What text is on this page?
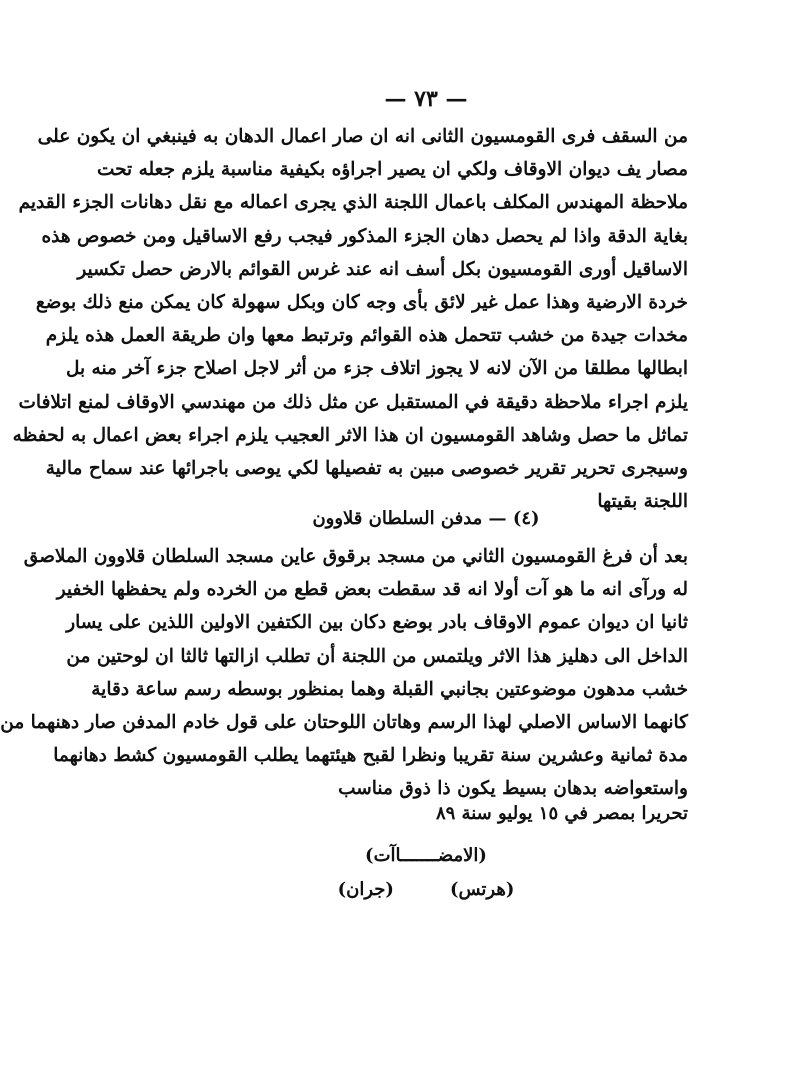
— ٧٣ —
من السقف فرى القومسيون الثانى انه ان صار اعمال الدهان به فينبغي ان يكون على
مصار يف ديوان الاوقاف ولكي ان يصير اجراؤه بكيفية مناسبة يلزم جعله تحت
ملاحظة المهندس المكلف باعمال اللجنة الذي يجرى اعماله مع نقل دهانات الجزء القديم
بغاية الدقة واذا لم يحصل دهان الجزء المذكور فيجب رفع الاساقيل ومن خصوص هذه
الاساقيل أورى القومسيون بكل أسف انه عند غرس القوائم بالارض حصل تكسير
خردة الارضية وهذا عمل غير لائق بأى وجه كان وبكل سهولة كان يمكن منع ذلك بوضع
مخدات جيدة من خشب تتحمل هذه القوائم وترتبط معها وان طريقة العمل هذه يلزم
ابطالها مطلقا من الآن لانه لا يجوز اتلاف جزء من أثر لاجل اصلاح جزء آخر منه بل
يلزم اجراء ملاحظة دقيقة في المستقبل عن مثل ذلك من مهندسي الاوقاف لمنع اتلافات
تماثل ما حصل وشاهد القومسيون ان هذا الاثر العجيب يلزم اجراء بعض اعمال به لحفظه
وسيجرى تحرير تقرير خصوصى مبين به تفصيلها لكي يوصى باجرائها عند سماح مالية
اللجنة بقيتها
(٤) — مدفن السلطان قلاوون
بعد أن فرغ القومسيون الثاني من مسجد برقوق عاين مسجد السلطان قلاوون الملاصق
له ورآى انه ما هو آت أولا انه قد سقطت بعض قطع من الخرده ولم يحفظها الخفير
ثانيا ان ديوان عموم الاوقاف بادر بوضع دكان بين الكتفين الاولين اللذين على يسار
الداخل الى دهليز هذا الاثر ويلتمس من اللجنة أن تطلب ازالتها ثالثا ان لوحتين من
خشب مدهون موضوعتين بجانبي القبلة وهما بمنظور بوسطه رسم ساعة دقاية
كانهما الاساس الاصلي لهذا الرسم وهاتان اللوحتان على قول خادم المدفن صار دهنهما من
مدة ثمانية وعشرين سنة تقريبا ونظرا لقبح هيئتهما يطلب القومسيون كشط دهانهما
واستعواضه بدهان بسيط يكون ذا ذوق مناسب
تحريرا بمصر في ١٥ يوليو سنة ٨٩
(الامضـــــــاآت)
(هرتس)
(جران)
